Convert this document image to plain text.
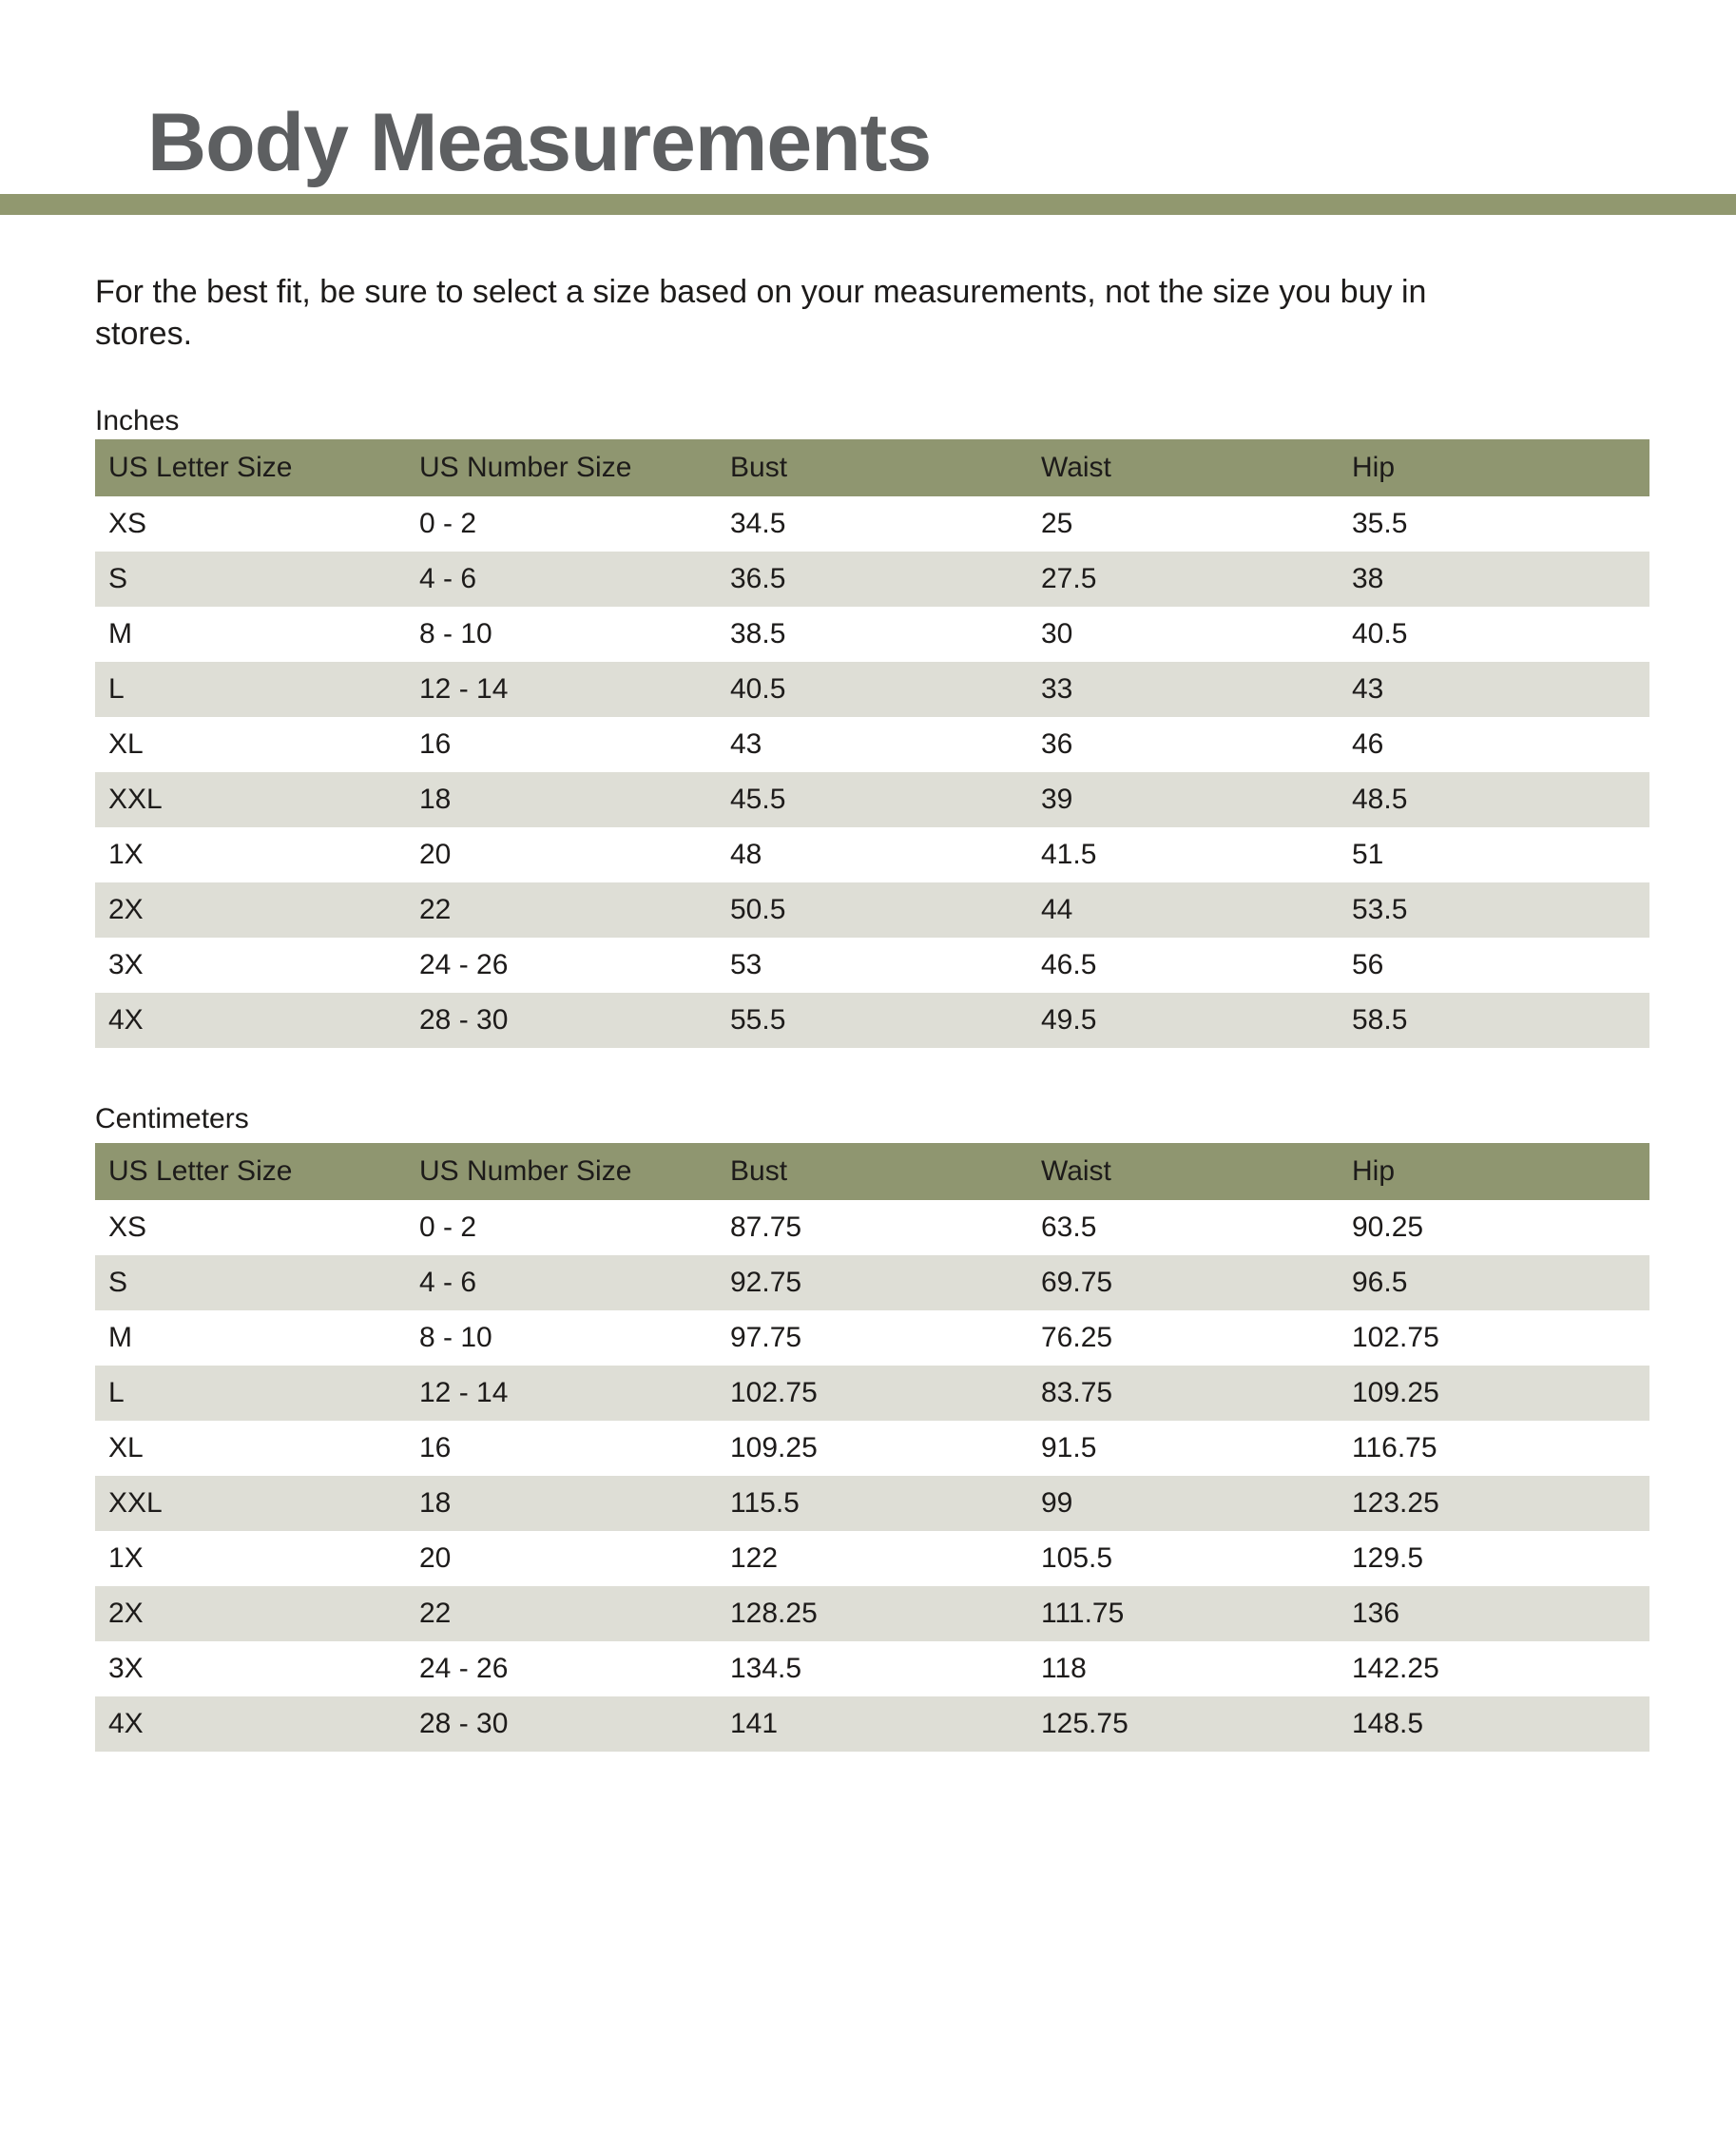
Body Measurements

For the best fit, be sure to select a size based on your measurements, not the size you buy in
stores.

Inches
US Letter Size	US Number Size	Bust	Waist	Hip
XS	0 - 2	34.5	25	35.5
S	4 - 6	36.5	27.5	38
M	8 - 10	38.5	30	40.5
L	12 - 14	40.5	33	43
XL	16	43	36	46
XXL	18	45.5	39	48.5
1X	20	48	41.5	51
2X	22	50.5	44	53.5
3X	24 - 26	53	46.5	56
4X	28 - 30	55.5	49.5	58.5
Centimeters
US Letter Size	US Number Size	Bust	Waist	Hip
XS	0 - 2	87.75	63.5	90.25
S	4 - 6	92.75	69.75	96.5
M	8 - 10	97.75	76.25	102.75
L	12 - 14	102.75	83.75	109.25
XL	16	109.25	91.5	116.75
XXL	18	115.5	99	123.25
1X	20	122	105.5	129.5
2X	22	128.25	111.75	136
3X	24 - 26	134.5	118	142.25
4X	28 - 30	141	125.75	148.5
